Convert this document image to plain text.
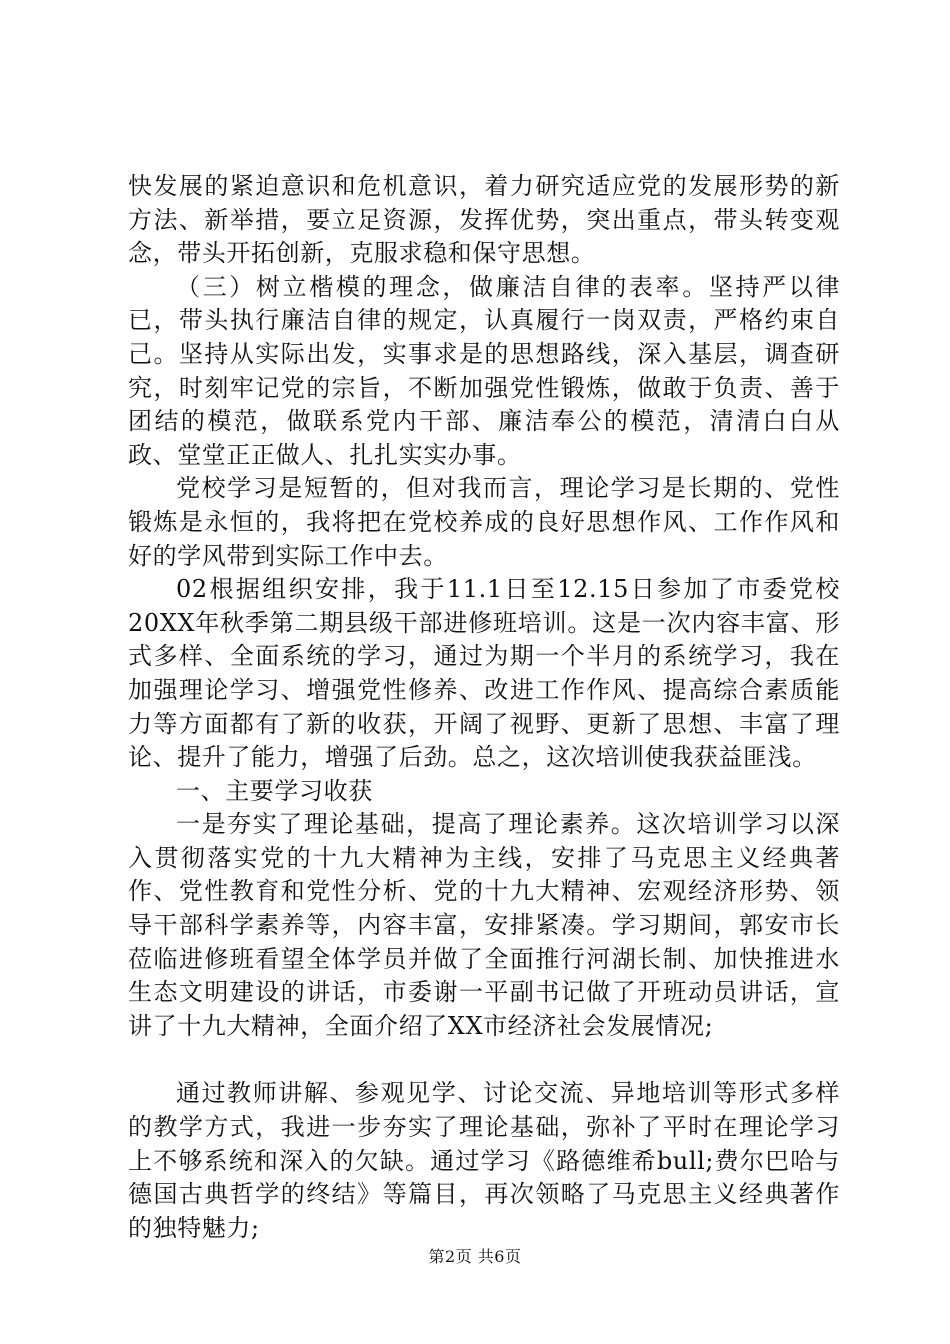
快发展的紧迫意识和危机意识，着力研究适应党的发展形势的新方法、新举措，要立足资源，发挥优势，突出重点，带头转变观念，带头开拓创新，克服求稳和保守思想。

（三）树立楷模的理念，做廉洁自律的表率。坚持严以律已，带头执行廉洁自律的规定，认真履行一岗双责，严格约束自己。坚持从实际出发，实事求是的思想路线，深入基层，调查研究，时刻牢记党的宗旨，不断加强党性锻炼，做敢于负责、善于团结的模范，做联系党内干部、廉洁奉公的模范，清清白白从政、堂堂正正做人、扎扎实实办事。

党校学习是短暂的，但对我而言，理论学习是长期的、党性锻炼是永恒的，我将把在党校养成的良好思想作风、工作作风和好的学风带到实际工作中去。

02根据组织安排，我于11.1日至12.15日参加了市委党校20XX年秋季第二期县级干部进修班培训。这是一次内容丰富、形式多样、全面系统的学习，通过为期一个半月的系统学习，我在加强理论学习、增强党性修养、改进工作作风、提高综合素质能力等方面都有了新的收获，开阔了视野、更新了思想、丰富了理论、提升了能力，增强了后劲。总之，这次培训使我获益匪浅。

一、主要学习收获

一是夯实了理论基础，提高了理论素养。这次培训学习以深入贯彻落实党的十九大精神为主线，安排了马克思主义经典著作、党性教育和党性分析、党的十九大精神、宏观经济形势、领导干部科学素养等，内容丰富，安排紧凑。学习期间，郭安市长莅临进修班看望全体学员并做了全面推行河湖长制、加快推进水生态文明建设的讲话，市委谢一平副书记做了开班动员讲话，宣讲了十九大精神，全面介绍了XX市经济社会发展情况;

通过教师讲解、参观见学、讨论交流、异地培训等形式多样的教学方式，我进一步夯实了理论基础，弥补了平时在理论学习上不够系统和深入的欠缺。通过学习《路德维希bull;费尔巴哈与德国古典哲学的终结》等篇目，再次领略了马克思主义经典著作的独特魅力;

第2页 共6页
